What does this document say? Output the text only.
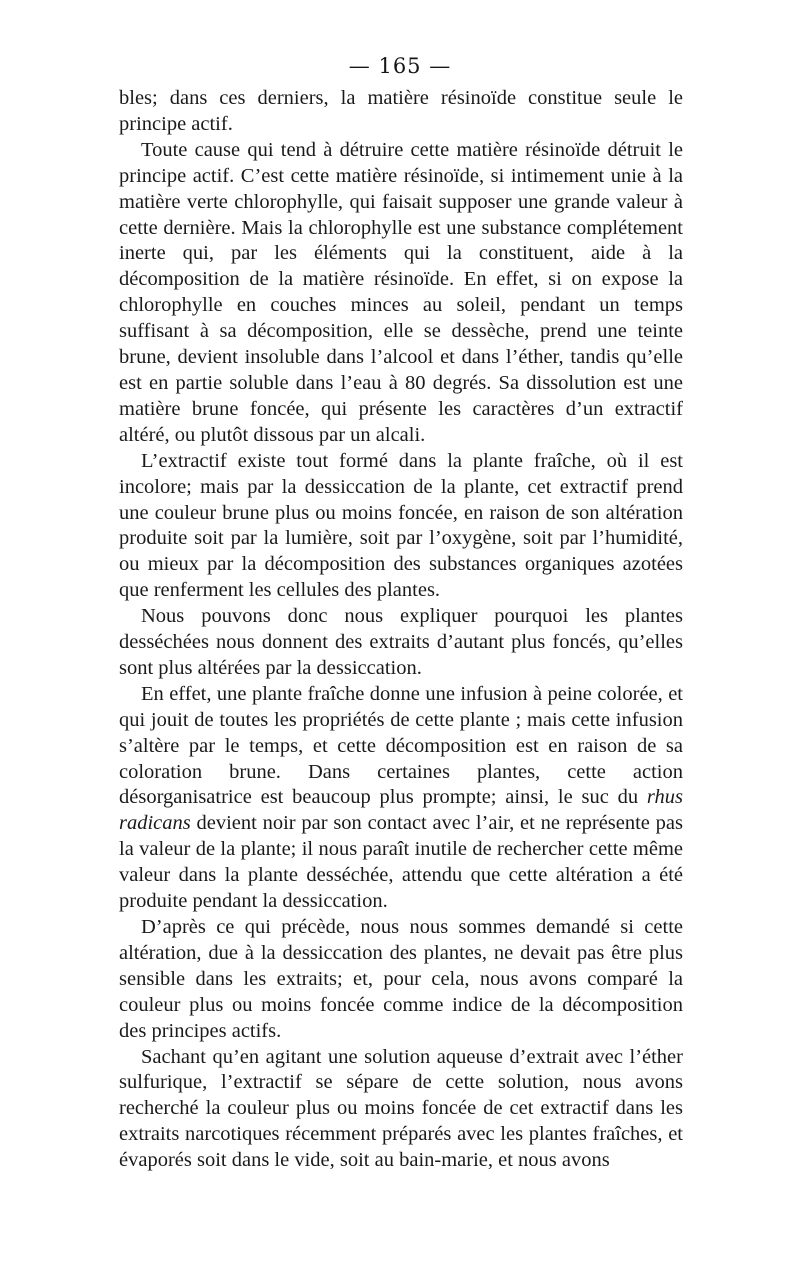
— 165 —

bles; dans ces derniers, la matière résinoïde constitue seule le principe actif.

Toute cause qui tend à détruire cette matière résinoïde détruit le principe actif. C’est cette matière résinoïde, si intimement unie à la matière verte chlorophylle, qui faisait supposer une grande valeur à cette dernière. Mais la chlorophylle est une substance complétement inerte qui, par les éléments qui la constituent, aide à la décomposition de la matière résinoïde. En effet, si on expose la chlorophylle en couches minces au soleil, pendant un temps suffisant à sa décomposition, elle se dessèche, prend une teinte brune, devient insoluble dans l’alcool et dans l’éther, tandis qu’elle est en partie soluble dans l’eau à 80 degrés. Sa dissolution est une matière brune foncée, qui présente les caractères d’un extractif altéré, ou plutôt dissous par un alcali.

L’extractif existe tout formé dans la plante fraîche, où il est incolore; mais par la dessiccation de la plante, cet extractif prend une couleur brune plus ou moins foncée, en raison de son altération produite soit par la lumière, soit par l’oxygène, soit par l’humidité, ou mieux par la décomposition des substances organiques azotées que renferment les cellules des plantes.

Nous pouvons donc nous expliquer pourquoi les plantes desséchées nous donnent des extraits d’autant plus foncés, qu’elles sont plus altérées par la dessiccation.

En effet, une plante fraîche donne une infusion à peine colorée, et qui jouit de toutes les propriétés de cette plante ; mais cette infusion s’altère par le temps, et cette décomposition est en raison de sa coloration brune. Dans certaines plantes, cette action désorganisatrice est beaucoup plus prompte; ainsi, le suc du rhus radicans devient noir par son contact avec l’air, et ne représente pas la valeur de la plante; il nous paraît inutile de rechercher cette même valeur dans la plante desséchée, attendu que cette altération a été produite pendant la dessiccation.

D’après ce qui précède, nous nous sommes demandé si cette altération, due à la dessiccation des plantes, ne devait pas être plus sensible dans les extraits; et, pour cela, nous avons comparé la couleur plus ou moins foncée comme indice de la décomposition des principes actifs.

Sachant qu’en agitant une solution aqueuse d’extrait avec l’éther sulfurique, l’extractif se sépare de cette solution, nous avons recherché la couleur plus ou moins foncée de cet extractif dans les extraits narcotiques récemment préparés avec les plantes fraîches, et évaporés soit dans le vide, soit au bain-marie, et nous avons
